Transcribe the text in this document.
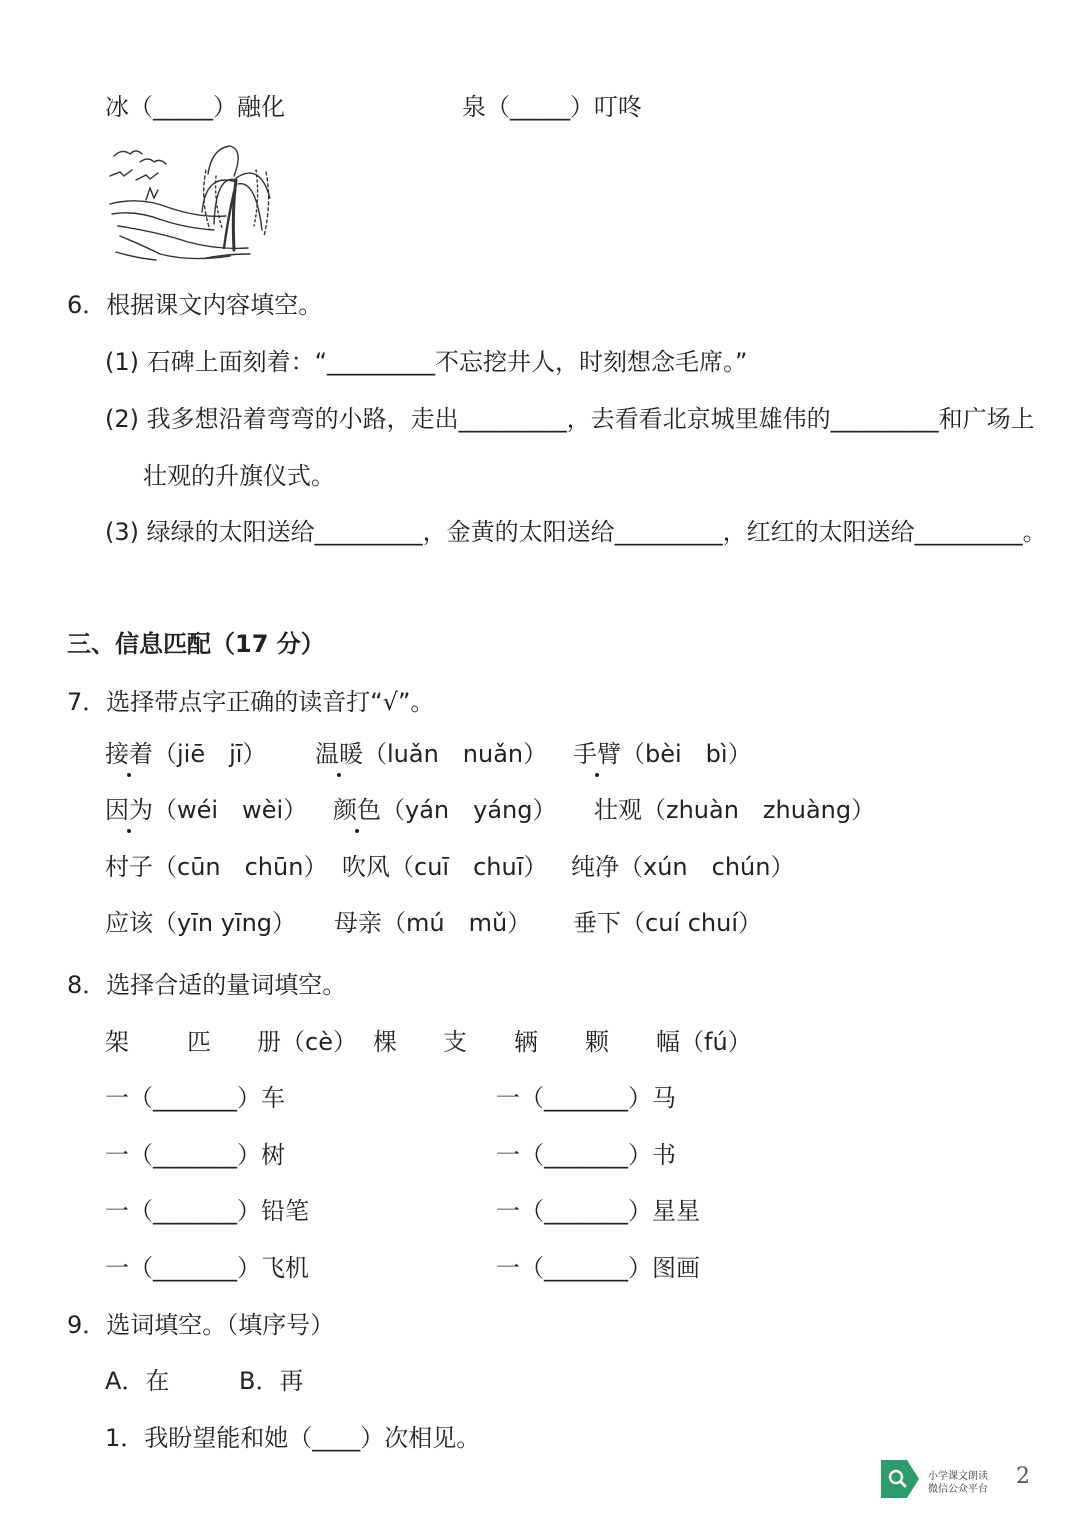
冰（_____）融化	泉（_____）叮咚
6．根据课文内容填空。
(1) 石碑上面刻着：“_________不忘挖井人，时刻想念毛席。”
(2) 我多想沿着弯弯的小路，走出_________，去看看北京城里雄伟的_________和广场上
壮观的升旗仪式。
(3) 绿绿的太阳送给_________，金黄的太阳送给_________，红红的太阳送给_________。
三、信息匹配（17 分）
7．选择带点字正确的读音打“√”。
接着（jiē　jī） 温暖（luǎn　nuǎn） 手臂（bèi　bì）
因为（wéi　wèi） 颜色（yán　yáng） 壮观（zhuàn　zhuàng）
村子（cūn　chūn） 吹风（cuī　chuī） 纯净（xún　chún）
应该（yīn yīng） 母亲（mú　mǔ） 垂下（cuí chuí）
8．选择合适的量词填空。
架 匹 册（cè） 棵 支 辆 颗 幅（fú）
一（_______）车	一（_______）马
一（_______）树	一（_______）书
一（_______）铅笔	一（_______）星星
一（_______）飞机	一（_______）图画
9．选词填空。（填序号）
A．在	B．再
1．我盼望能和她（____）次相见。
小学课文朗读
微信公众平台
2
